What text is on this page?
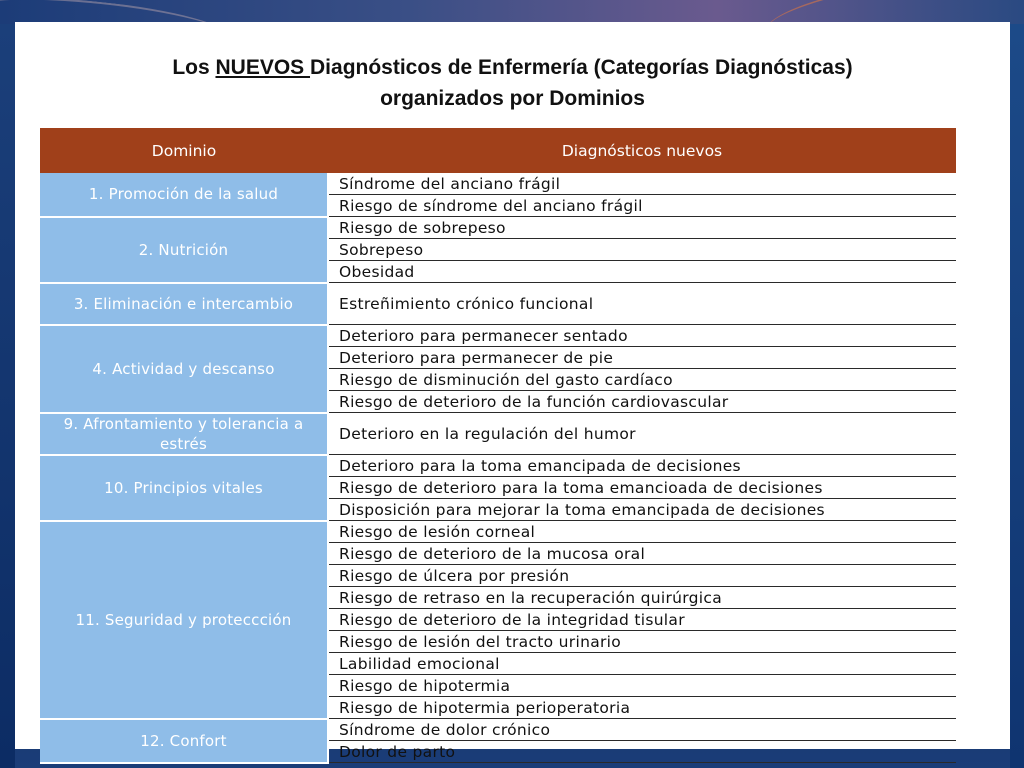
Los NUEVOS Diagnósticos de Enfermería (Categorías Diagnósticas)
organizados por Dominios
Dominio	Diagnósticos nuevos
1. Promoción de la salud	Síndrome del anciano frágil
	Riesgo de síndrome del anciano frágil
2. Nutrición	Riesgo de sobrepeso
	Sobrepeso
	Obesidad
3. Eliminación e intercambio	Estreñimiento crónico funcional
4. Actividad y descanso	Deterioro para permanecer sentado
	Deterioro para permanecer de pie
	Riesgo de disminución del gasto cardíaco
	Riesgo de deterioro de la función cardiovascular
9. Afrontamiento y tolerancia a estrés	Deterioro en la regulación del humor
10. Principios vitales	Deterioro para la toma emancipada de decisiones
	Riesgo de deterioro para la toma emancioada de decisiones
	Disposición para mejorar la toma emancipada de decisiones
11. Seguridad y proteccción	Riesgo de lesión corneal
	Riesgo de deterioro de la mucosa oral
	Riesgo de úlcera por presión
	Riesgo de retraso en la recuperación quirúrgica
	Riesgo de deterioro de la integridad tisular
	Riesgo de lesión del tracto urinario
	Labilidad emocional
	Riesgo de hipotermia
	Riesgo de hipotermia perioperatoria
12. Confort	Síndrome de dolor crónico
	Dolor de parto
